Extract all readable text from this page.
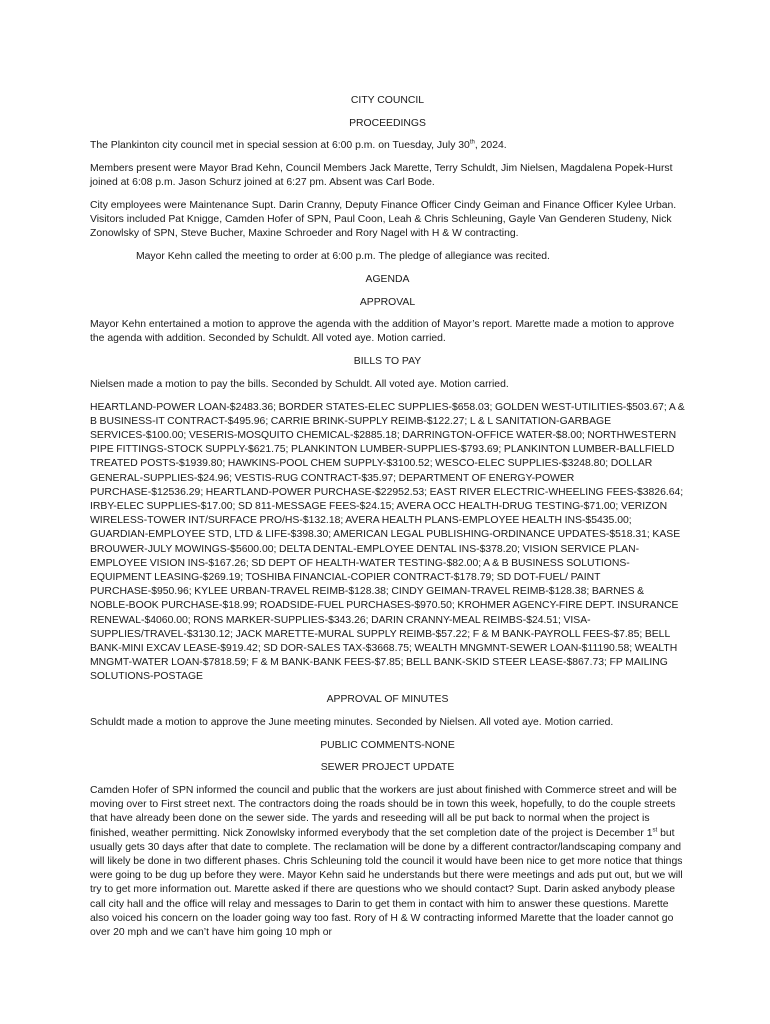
CITY COUNCIL

PROCEEDINGS

The Plankinton city council met in special session at 6:00 p.m. on Tuesday, July 30th, 2024.

Members present were Mayor Brad Kehn, Council Members Jack Marette, Terry Schuldt, Jim Nielsen, Magdalena Popek-Hurst joined at 6:08 p.m. Jason Schurz joined at 6:27 pm. Absent was Carl Bode.

City employees were Maintenance Supt. Darin Cranny, Deputy Finance Officer Cindy Geiman and Finance Officer Kylee Urban. Visitors included Pat Knigge, Camden Hofer of SPN, Paul Coon, Leah & Chris Schleuning, Gayle Van Genderen Studeny, Nick Zonowlsky of SPN, Steve Bucher, Maxine Schroeder and Rory Nagel with H & W contracting.

Mayor Kehn called the meeting to order at 6:00 p.m. The pledge of allegiance was recited.

AGENDA

APPROVAL

Mayor Kehn entertained a motion to approve the agenda with the addition of Mayor’s report. Marette made a motion to approve the agenda with addition. Seconded by Schuldt. All voted aye. Motion carried.

BILLS TO PAY

Nielsen made a motion to pay the bills. Seconded by Schuldt. All voted aye. Motion carried.

HEARTLAND-POWER LOAN-$2483.36; BORDER STATES-ELEC SUPPLIES-$658.03; GOLDEN WEST-UTILITIES-$503.67; A & B BUSINESS-IT CONTRACT-$495.96; CARRIE BRINK-SUPPLY REIMB-$122.27; L & L SANITATION-GARBAGE SERVICES-$100.00; VESERIS-MOSQUITO CHEMICAL-$2885.18; DARRINGTON-OFFICE WATER-$8.00; NORTHWESTERN PIPE FITTINGS-STOCK SUPPLY-$621.75; PLANKINTON LUMBER-SUPPLIES-$793.69; PLANKINTON LUMBER-BALLFIELD TREATED POSTS-$1939.80; HAWKINS-POOL CHEM SUPPLY-$3100.52; WESCO-ELEC SUPPLIES-$3248.80; DOLLAR GENERAL-SUPPLIES-$24.96; VESTIS-RUG CONTRACT-$35.97; DEPARTMENT OF ENERGY-POWER PURCHASE-$12536.29; HEARTLAND-POWER PURCHASE-$22952.53; EAST RIVER ELECTRIC-WHEELING FEES-$3826.64; IRBY-ELEC SUPPLIES-$17.00; SD 811-MESSAGE FEES-$24.15; AVERA OCC HEALTH-DRUG TESTING-$71.00; VERIZON WIRELESS-TOWER INT/SURFACE PRO/HS-$132.18; AVERA HEALTH PLANS-EMPLOYEE HEALTH INS-$5435.00; GUARDIAN-EMPLOYEE STD, LTD & LIFE-$398.30; AMERICAN LEGAL PUBLISHING-ORDINANCE UPDATES-$518.31; KASE BROUWER-JULY MOWINGS-$5600.00; DELTA DENTAL-EMPLOYEE DENTAL INS-$378.20; VISION SERVICE PLAN-EMPLOYEE VISION INS-$167.26; SD DEPT OF HEALTH-WATER TESTING-$82.00; A & B BUSINESS SOLUTIONS-EQUIPMENT LEASING-$269.19; TOSHIBA FINANCIAL-COPIER CONTRACT-$178.79; SD DOT-FUEL/ PAINT PURCHASE-$950.96; KYLEE URBAN-TRAVEL REIMB-$128.38; CINDY GEIMAN-TRAVEL REIMB-$128.38; BARNES & NOBLE-BOOK PURCHASE-$18.99; ROADSIDE-FUEL PURCHASES-$970.50; KROHMER AGENCY-FIRE DEPT. INSURANCE RENEWAL-$4060.00; RONS MARKER-SUPPLIES-$343.26; DARIN CRANNY-MEAL REIMBS-$24.51; VISA-SUPPLIES/TRAVEL-$3130.12; JACK MARETTE-MURAL SUPPLY REIMB-$57.22; F & M BANK-PAYROLL FEES-$7.85; BELL BANK-MINI EXCAV LEASE-$919.42; SD DOR-SALES TAX-$3668.75; WEALTH MNGMNT-SEWER LOAN-$11190.58; WEALTH MNGMT-WATER LOAN-$7818.59; F & M BANK-BANK FEES-$7.85; BELL BANK-SKID STEER LEASE-$867.73; FP MAILING SOLUTIONS-POSTAGE

APPROVAL OF MINUTES

Schuldt made a motion to approve the June meeting minutes. Seconded by Nielsen. All voted aye. Motion carried.

PUBLIC COMMENTS-NONE

SEWER PROJECT UPDATE

Camden Hofer of SPN informed the council and public that the workers are just about finished with Commerce street and will be moving over to First street next. The contractors doing the roads should be in town this week, hopefully, to do the couple streets that have already been done on the sewer side. The yards and reseeding will all be put back to normal when the project is finished, weather permitting. Nick Zonowlsky informed everybody that the set completion date of the project is December 1st but usually gets 30 days after that date to complete. The reclamation will be done by a different contractor/landscaping company and will likely be done in two different phases. Chris Schleuning told the council it would have been nice to get more notice that things were going to be dug up before they were. Mayor Kehn said he understands but there were meetings and ads put out, but we will try to get more information out. Marette asked if there are questions who we should contact? Supt. Darin asked anybody please call city hall and the office will relay and messages to Darin to get them in contact with him to answer these questions. Marette also voiced his concern on the loader going way too fast. Rory of H & W contracting informed Marette that the loader cannot go over 20 mph and we can’t have him going 10 mph or
